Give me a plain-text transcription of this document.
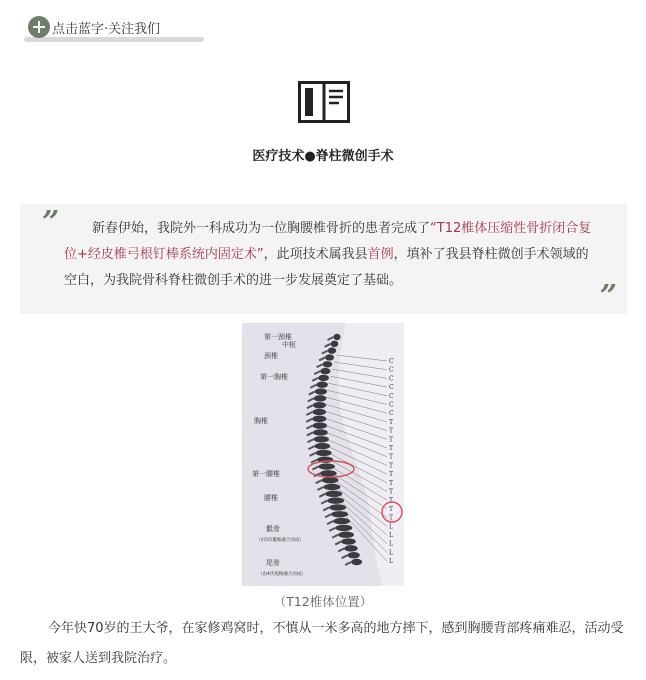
点击蓝字·关注我们
医疗技术●脊柱微创手术
”	新春伊始，我院外一科成功为一位胸腰椎骨折的患者完成了“T12椎体压缩性骨折闭合复位+经皮椎弓根钉棒系统内固定术”，此项技术属我县首例，填补了我县脊柱微创手术领域的空白，为我院骨科脊柱微创手术的进一步发展奠定了基础。	”
第一颈椎
中枢
颈椎
第一胸椎
胸椎
第一腰椎
腰椎
骶骨
（由5块骶椎融合而成）
尾骨
（由4块尾椎融合而成）
C
C
C
C
C
C
C
T
T
T
T
T
T
T
T
T
T
T
T
L
L
L
L
L
（T12椎体位置）
今年快70岁的王大爷，在家修鸡窝时，不慎从一米多高的地方摔下，感到胸腰背部疼痛难忍，活动受限，被家人送到我院治疗。
